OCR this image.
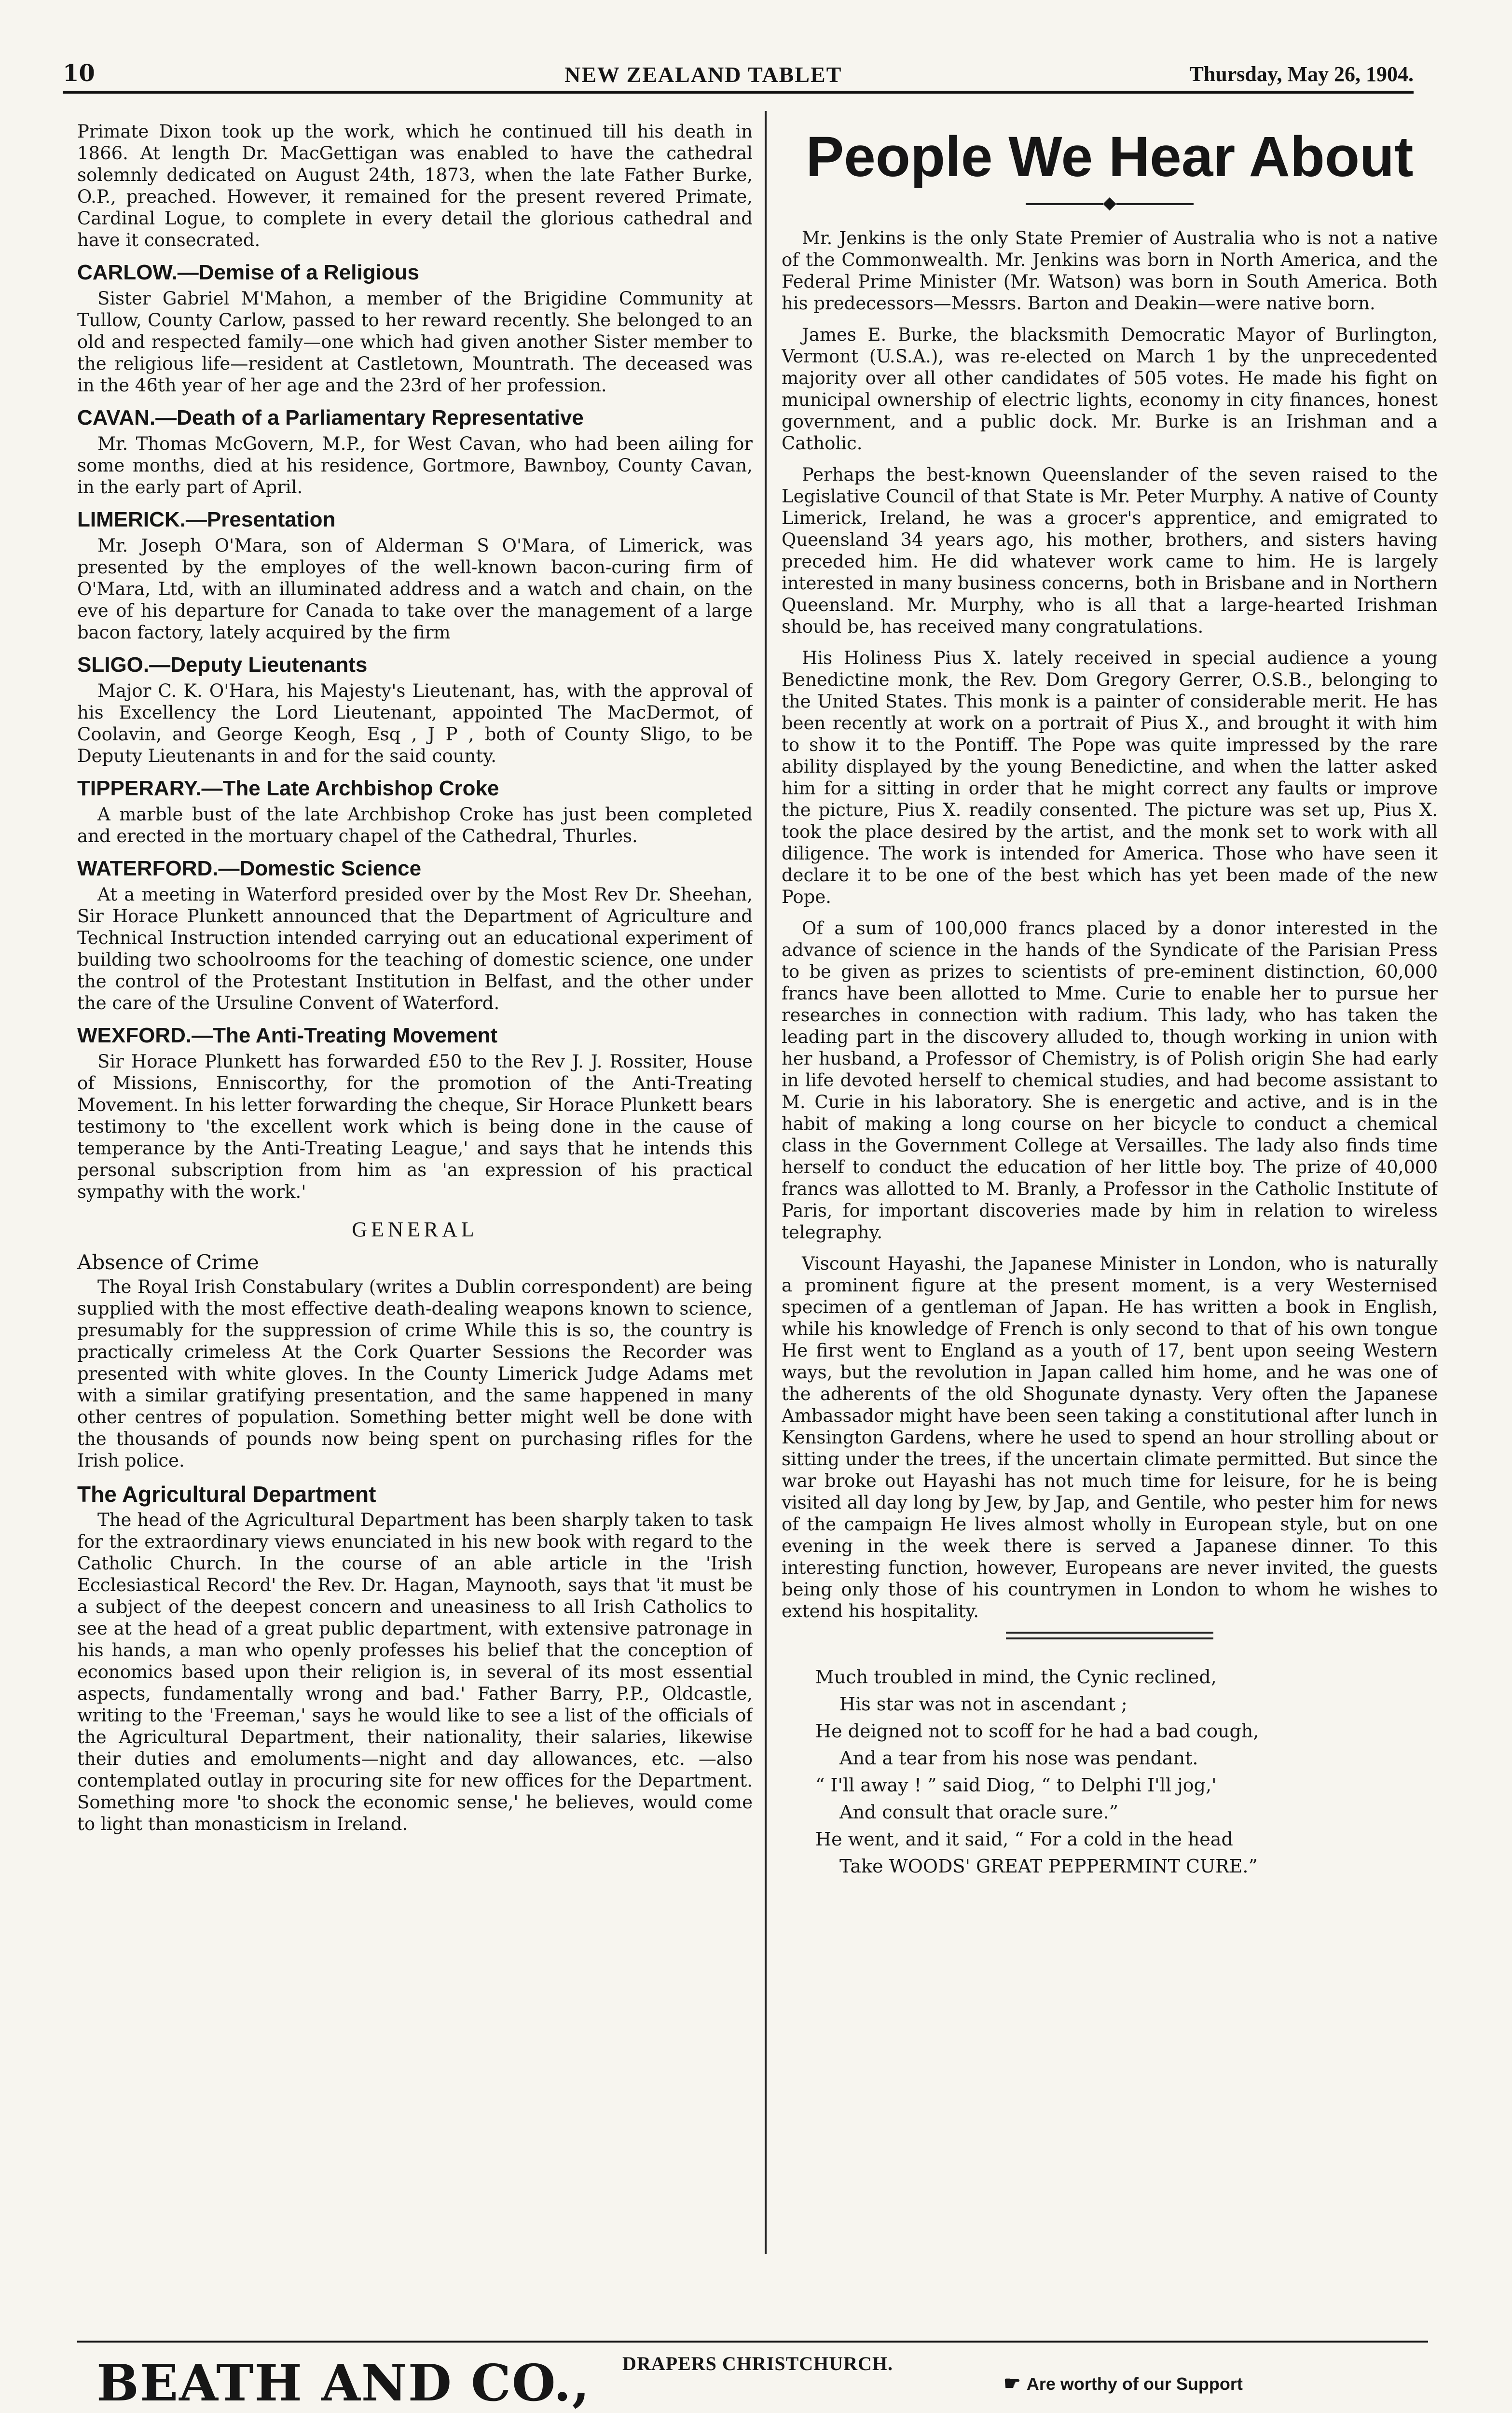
10	NEW ZEALAND TABLET	Thursday, May 26, 1904.

Primate Dixon took up the work, which he continued till his death in 1866. At length Dr. MacGettigan was enabled to have the cathedral solemnly dedicated on August 24th, 1873, when the late Father Burke, O.P., preached. However, it remained for the present revered Primate, Cardinal Logue, to complete in every detail the glorious cathedral and have it consecrated.

CARLOW.—Demise of a Religious

Sister Gabriel M'Mahon, a member of the Brigidine Community at Tullow, County Carlow, passed to her reward recently. She belonged to an old and respected family—one which had given another Sister member to the religious life—resident at Castletown, Mountrath. The deceased was in the 46th year of her age and the 23rd of her profession.

CAVAN.—Death of a Parliamentary Representative

Mr. Thomas McGovern, M.P., for West Cavan, who had been ailing for some months, died at his residence, Gortmore, Bawnboy, County Cavan, in the early part of April.

LIMERICK.—Presentation

Mr. Joseph O'Mara, son of Alderman S O'Mara, of Limerick, was presented by the employes of the well-known bacon-curing firm of O'Mara, Ltd, with an illuminated address and a watch and chain, on the eve of his departure for Canada to take over the management of a large bacon factory, lately acquired by the firm

SLIGO.—Deputy Lieutenants

Major C. K. O'Hara, his Majesty's Lieutenant, has, with the approval of his Excellency the Lord Lieutenant, appointed The MacDermot, of Coolavin, and George Keogh, Esq , J P , both of County Sligo, to be Deputy Lieutenants in and for the said county.

TIPPERARY.—The Late Archbishop Croke

A marble bust of the late Archbishop Croke has just been completed and erected in the mortuary chapel of the Cathedral, Thurles.

WATERFORD.—Domestic Science

At a meeting in Waterford presided over by the Most Rev Dr. Sheehan, Sir Horace Plunkett announced that the Department of Agriculture and Technical Instruction intended carrying out an educational experiment of building two schoolrooms for the teaching of domestic science, one under the control of the Protestant Institution in Belfast, and the other under the care of the Ursuline Convent of Waterford.

WEXFORD.—The Anti-Treating Movement

Sir Horace Plunkett has forwarded £50 to the Rev J. J. Rossiter, House of Missions, Enniscorthy, for the promotion of the Anti-Treating Movement. In his letter forwarding the cheque, Sir Horace Plunkett bears testimony to 'the excellent work which is being done in the cause of temperance by the Anti-Treating League,' and says that he intends this personal subscription from him as 'an expression of his practical sympathy with the work.'

GENERAL
Absence of Crime

The Royal Irish Constabulary (writes a Dublin correspondent) are being supplied with the most effective death-dealing weapons known to science, presumably for the suppression of crime While this is so, the country is practically crimeless At the Cork Quarter Sessions the Recorder was presented with white gloves. In the County Limerick Judge Adams met with a similar gratifying presentation, and the same happened in many other centres of population. Something better might well be done with the thousands of pounds now being spent on purchasing rifles for the Irish police.

The Agricultural Department

The head of the Agricultural Department has been sharply taken to task for the extraordinary views enunciated in his new book with regard to the Catholic Church. In the course of an able article in the 'Irish Ecclesiastical Record' the Rev. Dr. Hagan, Maynooth, says that 'it must be a subject of the deepest concern and uneasiness to all Irish Catholics to see at the head of a great public department, with extensive patronage in his hands, a man who openly professes his belief that the conception of economics based upon their religion is, in several of its most essential aspects, fundamentally wrong and bad.' Father Barry, P.P., Oldcastle, writing to the 'Freeman,' says he would like to see a list of the officials of the Agricultural Department, their nationality, their salaries, likewise their duties and emoluments—night and day allowances, etc. —also contemplated outlay in procuring site for new offices for the Department. Something more 'to shock the economic sense,' he believes, would come to light than monasticism in Ireland.

People We Hear About
◆

Mr. Jenkins is the only State Premier of Australia who is not a native of the Commonwealth. Mr. Jenkins was born in North America, and the Federal Prime Minister (Mr. Watson) was born in South America. Both his predecessors—Messrs. Barton and Deakin—were native born.

James E. Burke, the blacksmith Democratic Mayor of Burlington, Vermont (U.S.A.), was re-elected on March 1 by the unprecedented majority over all other candidates of 505 votes. He made his fight on municipal ownership of electric lights, economy in city finances, honest government, and a public dock. Mr. Burke is an Irishman and a Catholic.

Perhaps the best-known Queenslander of the seven raised to the Legislative Council of that State is Mr. Peter Murphy. A native of County Limerick, Ireland, he was a grocer's apprentice, and emigrated to Queensland 34 years ago, his mother, brothers, and sisters having preceded him. He did whatever work came to him. He is largely interested in many business concerns, both in Brisbane and in Northern Queensland. Mr. Murphy, who is all that a large-hearted Irishman should be, has received many congratulations.

His Holiness Pius X. lately received in special audience a young Benedictine monk, the Rev. Dom Gregory Gerrer, O.S.B., belonging to the United States. This monk is a painter of considerable merit. He has been recently at work on a portrait of Pius X., and brought it with him to show it to the Pontiff. The Pope was quite impressed by the rare ability displayed by the young Benedictine, and when the latter asked him for a sitting in order that he might correct any faults or improve the picture, Pius X. readily consented. The picture was set up, Pius X. took the place desired by the artist, and the monk set to work with all diligence. The work is intended for America. Those who have seen it declare it to be one of the best which has yet been made of the new Pope.

Of a sum of 100,000 francs placed by a donor interested in the advance of science in the hands of the Syndicate of the Parisian Press to be given as prizes to scientists of pre-eminent distinction, 60,000 francs have been allotted to Mme. Curie to enable her to pursue her researches in connection with radium. This lady, who has taken the leading part in the discovery alluded to, though working in union with her husband, a Professor of Chemistry, is of Polish origin She had early in life devoted herself to chemical studies, and had become assistant to M. Curie in his laboratory. She is energetic and active, and is in the habit of making a long course on her bicycle to conduct a chemical class in the Government College at Versailles. The lady also finds time herself to conduct the education of her little boy. The prize of 40,000 francs was allotted to M. Branly, a Professor in the Catholic Institute of Paris, for important discoveries made by him in relation to wireless telegraphy.

Viscount Hayashi, the Japanese Minister in London, who is naturally a prominent figure at the present moment, is a very Westernised specimen of a gentleman of Japan. He has written a book in English, while his knowledge of French is only second to that of his own tongue He first went to England as a youth of 17, bent upon seeing Western ways, but the revolution in Japan called him home, and he was one of the adherents of the old Shogunate dynasty. Very often the Japanese Ambassador might have been seen taking a constitutional after lunch in Kensington Gardens, where he used to spend an hour strolling about or sitting under the trees, if the uncertain climate permitted. But since the war broke out Hayashi has not much time for leisure, for he is being visited all day long by Jew, by Jap, and Gentile, who pester him for news of the campaign He lives almost wholly in European style, but on one evening in the week there is served a Japanese dinner. To this interesting function, however, Europeans are never invited, the guests being only those of his countrymen in London to whom he wishes to extend his hospitality.

Much troubled in mind, the Cynic reclined,
His star was not in ascendant ;
He deigned not to scoff for he had a bad cough,
And a tear from his nose was pendant.
“ I'll away ! ” said Diog, “ to Delphi I'll jog,'
And consult that oracle sure.”
He went, and it said, “ For a cold in the head
Take WOODS' GREAT PEPPERMINT CURE.”
BEATH AND CO., DRAPERS CHRISTCHURCH.
☛ Are worthy of our Support
